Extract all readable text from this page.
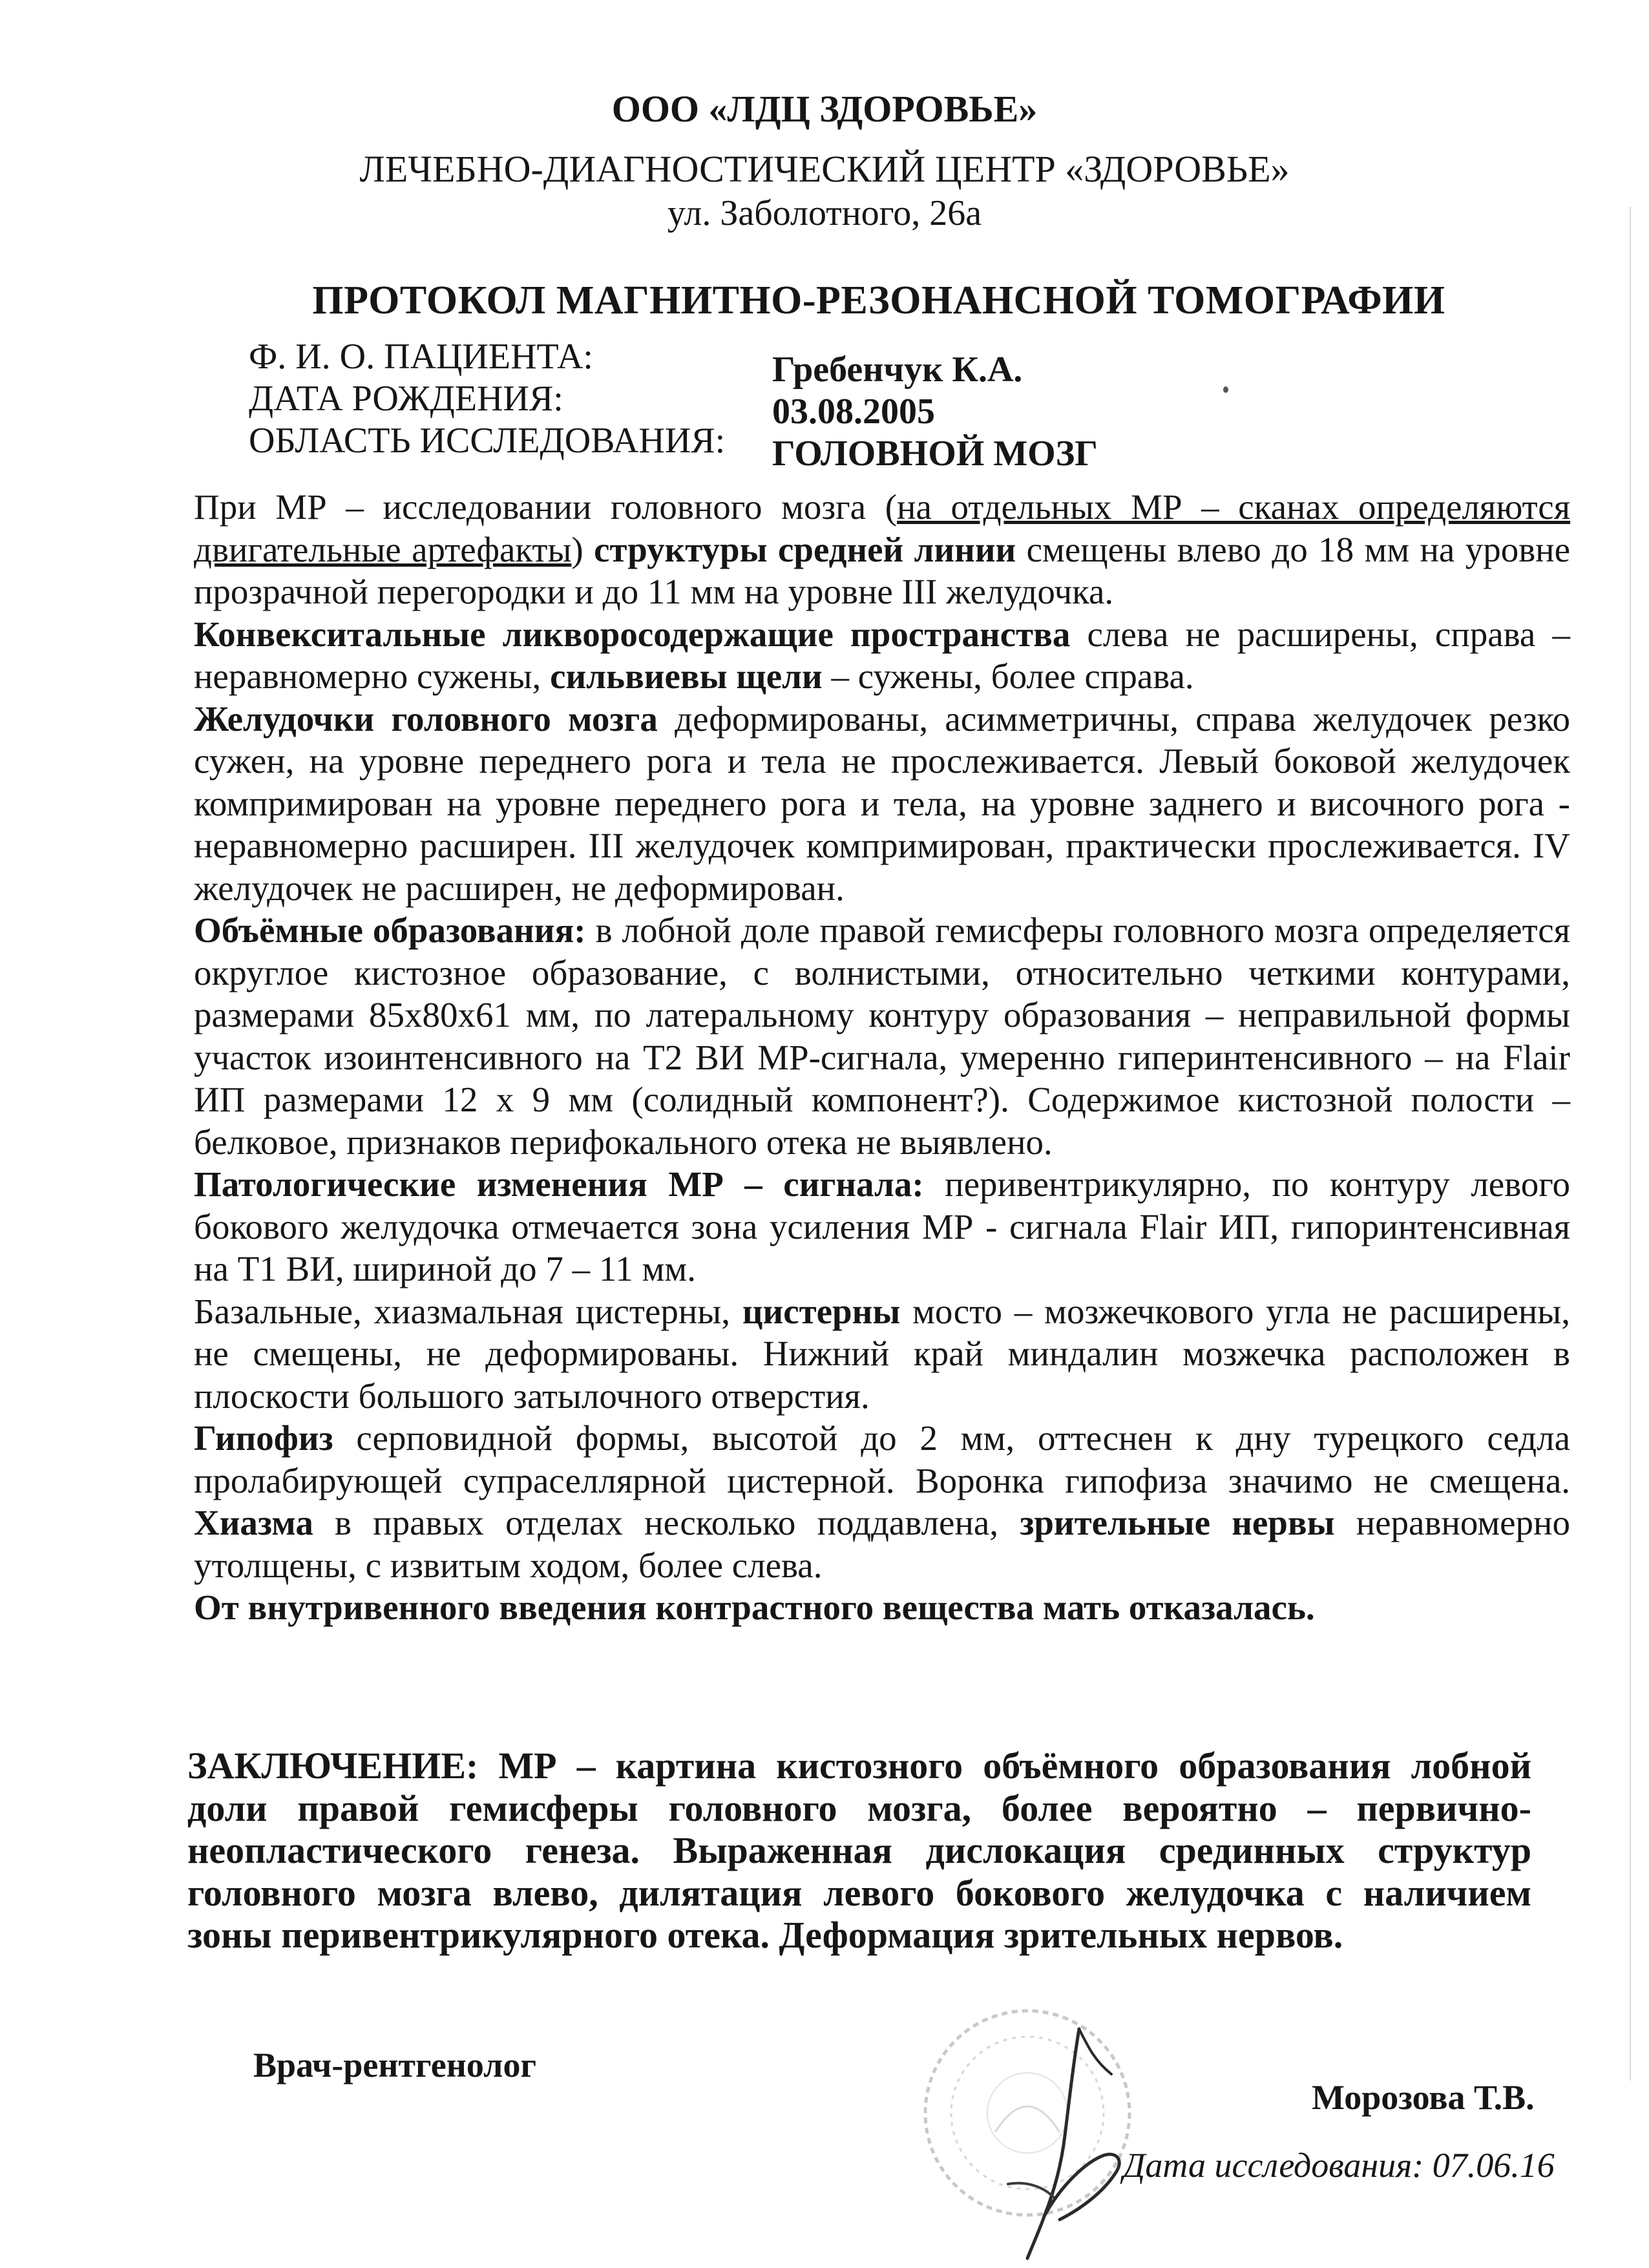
ООО «ЛДЦ ЗДОРОВЬЕ»
ЛЕЧЕБНО-ДИАГНОСТИЧЕСКИЙ ЦЕНТР «ЗДОРОВЬЕ»
ул. Заболотного, 26а
ПРОТОКОЛ МАГНИТНО-РЕЗОНАНСНОЙ ТОМОГРАФИИ
Ф. И. О. ПАЦИЕНТА:	Гребенчук К.А.
ДАТА РОЖДЕНИЯ:	03.08.2005
ОБЛАСТЬ ИССЛЕДОВАНИЯ: ГОЛОВНОЙ МОЗГ
При МР – исследовании головного мозга (на отдельных МР – сканах определяются двигательные артефакты) структуры средней линии смещены влево до 18 мм на уровне прозрачной перегородки и до 11 мм на уровне III желудочка.
Конвекситальные ликворосодержащие пространства слева не расширены, справа – неравномерно сужены, сильвиевы щели – сужены, более справа.
Желудочки головного мозга деформированы, асимметричны, справа желудочек резко сужен, на уровне переднего рога и тела не прослеживается. Левый боковой желудочек компримирован на уровне переднего рога и тела, на уровне заднего и височного рога - неравномерно расширен. III желудочек компримирован, практически прослеживается. IV желудочек не расширен, не деформирован.
Объёмные образования: в лобной доле правой гемисферы головного мозга определяется округлое кистозное образование, с волнистыми, относительно четкими контурами, размерами 85х80х61 мм, по латеральному контуру образования – неправильной формы участок изоинтенсивного на Т2 ВИ МР-сигнала, умеренно гиперинтенсивного – на Flair ИП размерами 12 х 9 мм (солидный компонент?). Содержимое кистозной полости – белковое, признаков перифокального отека не выявлено.
Патологические изменения МР – сигнала: перивентрикулярно, по контуру левого бокового желудочка отмечается зона усиления МР - сигнала Flair ИП, гипоринтенсивная на Т1 ВИ, шириной до 7 – 11 мм.
Базальные, хиазмальная цистерны, цистерны мосто – мозжечкового угла не расширены, не смещены, не деформированы. Нижний край миндалин мозжечка расположен в плоскости большого затылочного отверстия.
Гипофиз серповидной формы, высотой до 2 мм, оттеснен к дну турецкого седла пролабирующей супраселлярной цистерной. Воронка гипофиза значимо не смещена. Хиазма в правых отделах несколько поддавлена, зрительные нервы неравномерно утолщены, с извитым ходом, более слева.
От внутривенного введения контрастного вещества мать отказалась.
ЗАКЛЮЧЕНИЕ: МР – картина кистозного объёмного образования лобной доли правой гемисферы головного мозга, более вероятно – первично-неопластического генеза. Выраженная дислокация срединных структур головного мозга влево, дилятация левого бокового желудочка с наличием зоны перивентрикулярного отека. Деформация зрительных нервов.
Врач-рентгенолог
Морозова Т.В.
Дата исследования: 07.06.16
